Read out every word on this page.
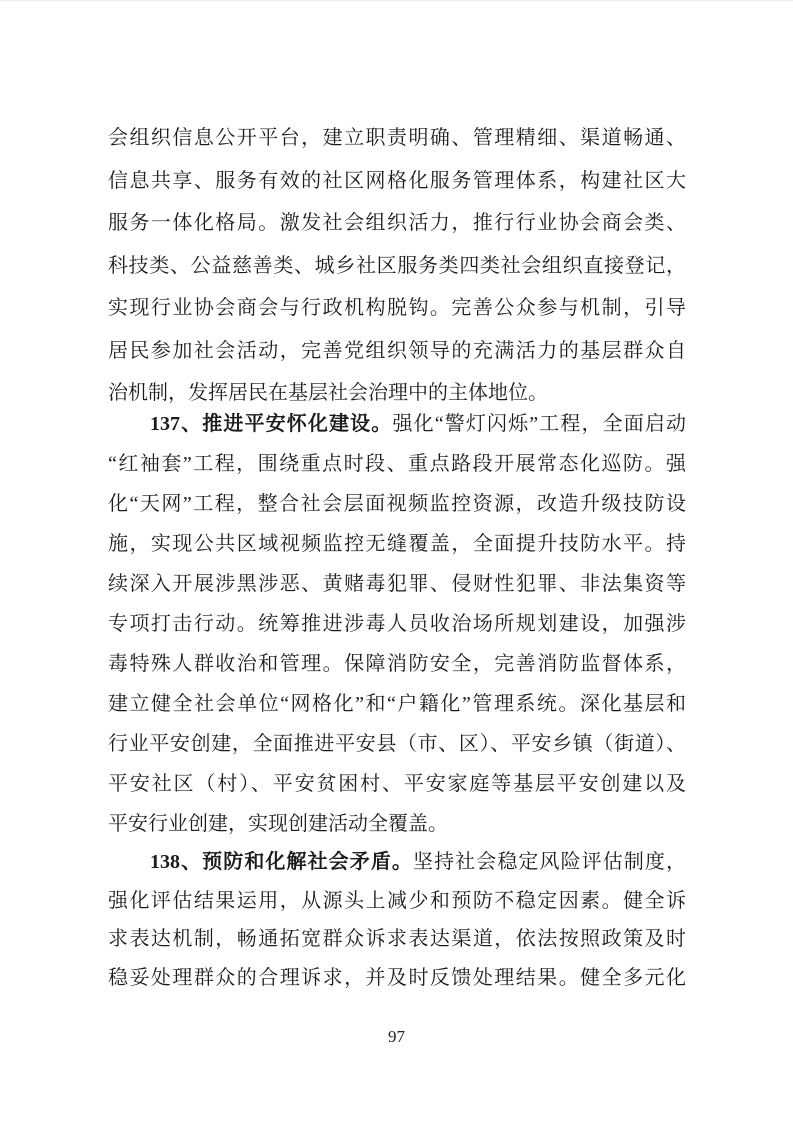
会组织信息公开平台，建立职责明确、管理精细、渠道畅通、
信息共享、服务有效的社区网格化服务管理体系，构建社区大
服务一体化格局。激发社会组织活力，推行行业协会商会类、
科技类、公益慈善类、城乡社区服务类四类社会组织直接登记，
实现行业协会商会与行政机构脱钩。完善公众参与机制，引导
居民参加社会活动，完善党组织领导的充满活力的基层群众自
治机制，发挥居民在基层社会治理中的主体地位。
137、推进平安怀化建设。强化“警灯闪烁”工程，全面启动
“红袖套”工程，围绕重点时段、重点路段开展常态化巡防。强
化“天网”工程，整合社会层面视频监控资源，改造升级技防设
施，实现公共区域视频监控无缝覆盖，全面提升技防水平。持
续深入开展涉黑涉恶、黄赌毒犯罪、侵财性犯罪、非法集资等
专项打击行动。统筹推进涉毒人员收治场所规划建设，加强涉
毒特殊人群收治和管理。保障消防安全，完善消防监督体系，
建立健全社会单位“网格化”和“户籍化”管理系统。深化基层和
行业平安创建，全面推进平安县（市、区）、平安乡镇（街道）、
平安社区（村）、平安贫困村、平安家庭等基层平安创建以及
平安行业创建，实现创建活动全覆盖。
138、预防和化解社会矛盾。坚持社会稳定风险评估制度，
强化评估结果运用，从源头上减少和预防不稳定因素。健全诉
求表达机制，畅通拓宽群众诉求表达渠道，依法按照政策及时
稳妥处理群众的合理诉求，并及时反馈处理结果。健全多元化
97
